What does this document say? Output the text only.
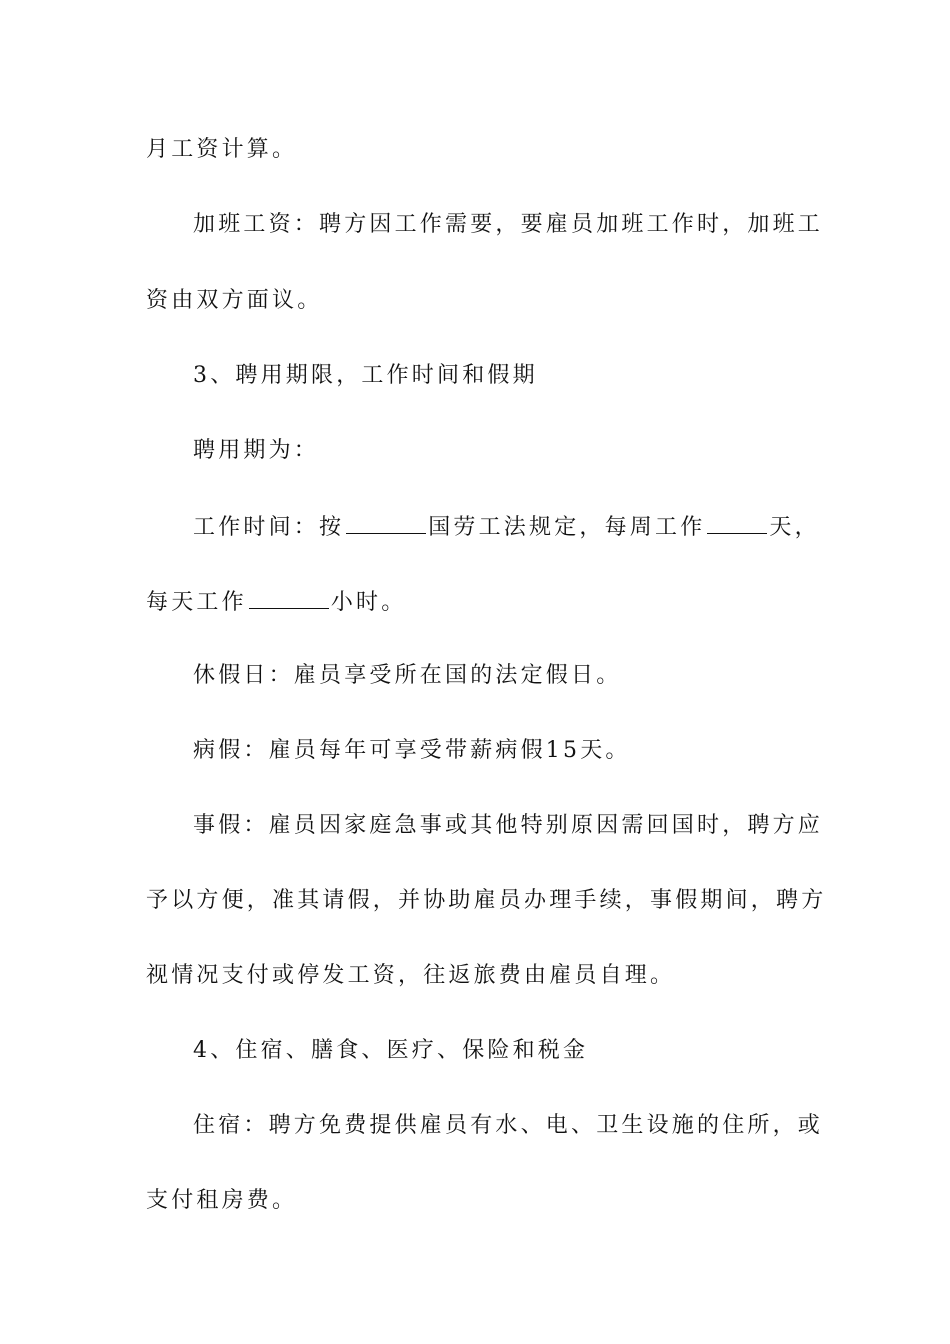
月工资计算。
加班工资：聘方因工作需要，要雇员加班工作时，加班工
资由双方面议。
3、聘用期限，工作时间和假期
聘用期为：
工作时间：按	国劳工法规定，每周工作	天，
每天工作	小时。
休假日：雇员享受所在国的法定假日。
病假：雇员每年可享受带薪病假15天。
事假：雇员因家庭急事或其他特别原因需回国时，聘方应
予以方便，准其请假，并协助雇员办理手续，事假期间，聘方
视情况支付或停发工资，往返旅费由雇员自理。
4、住宿、膳食、医疗、保险和税金
住宿：聘方免费提供雇员有水、电、卫生设施的住所，或
支付租房费。
